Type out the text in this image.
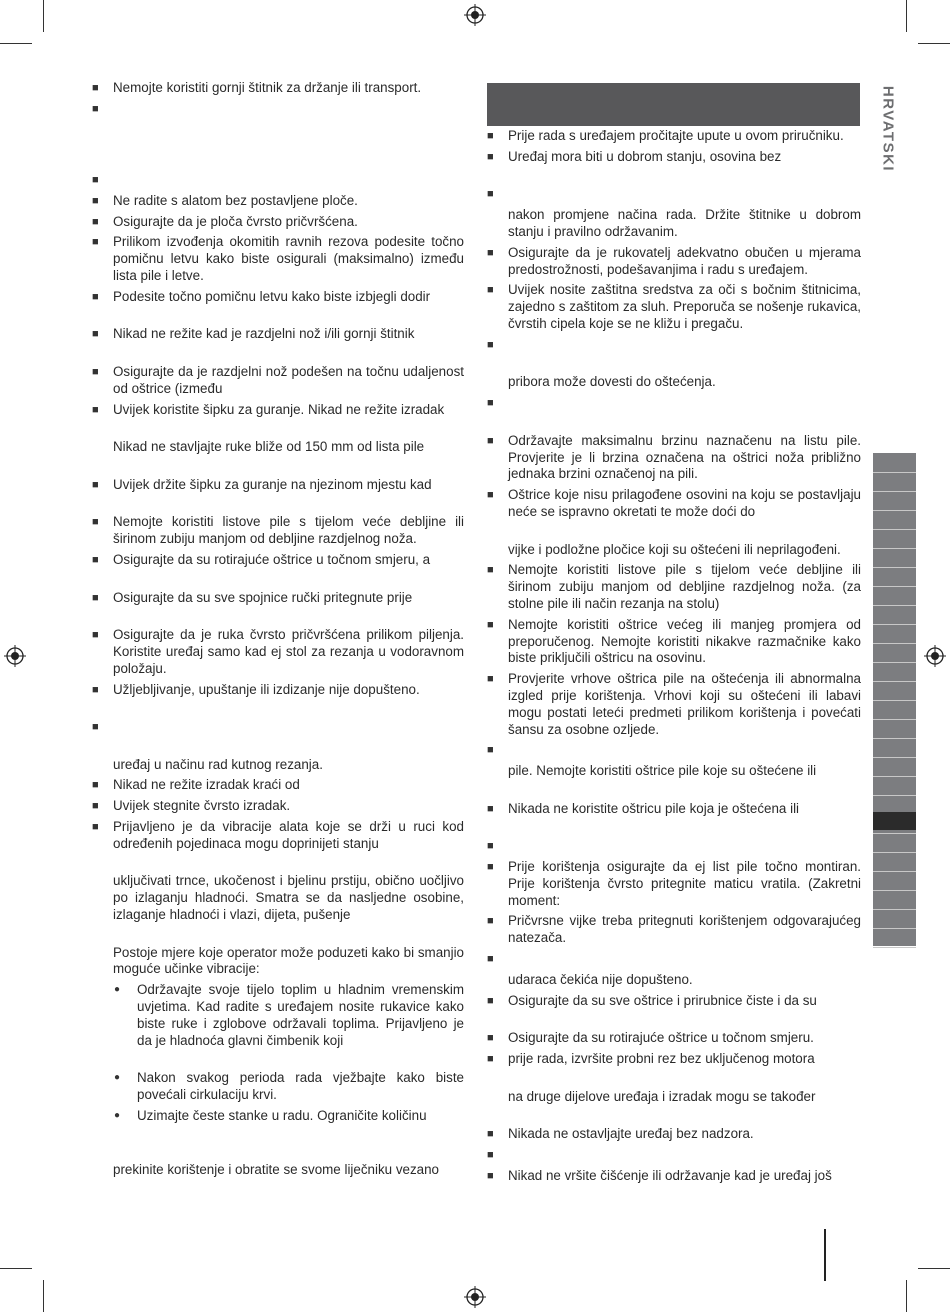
HRVATSKI
■ Nemojte koristiti gornji štitnik za držanje ili transport.
■
■
■ Ne radite s alatom bez postavljene ploče.
■ Osigurajte da je ploča čvrsto pričvršćena.
■ Prilikom izvođenja okomitih ravnih rezova podesite točno pomičnu letvu kako biste osigurali (maksimalno) između lista pile i letve.
■ Podesite točno pomičnu letvu kako biste izbjegli dodir
■ Nikad ne režite kad je razdjelni nož i/ili gornji štitnik
■ Osigurajte da je razdjelni nož podešen na točnu udaljenost od oštrice (između
■ Uvijek koristite šipku za guranje. Nikad ne režite izradak
Nikad ne stavljajte ruke bliže od 150 mm od lista pile
■ Uvijek držite šipku za guranje na njezinom mjestu kad
■ Nemojte koristiti listove pile s tijelom veće debljine ili širinom zubiju manjom od debljine razdjelnog noža.
■ Osigurajte da su rotirajuće oštrice u točnom smjeru, a
■ Osigurajte da su sve spojnice ručki pritegnute prije
■ Osigurajte da je ruka čvrsto pričvršćena prilikom piljenja. Koristite uređaj samo kad ej stol za rezanja u vodoravnom položaju.
■ Užljebljivanje, upuštanje ili izdizanje nije dopušteno.
■
uređaj u načinu rad kutnog rezanja.
■ Nikad ne režite izradak kraći od
■ Uvijek stegnite čvrsto izradak.
■ Prijavljeno je da vibracije alata koje se drži u ruci kod određenih pojedinaca mogu doprinijeti stanju
uključivati trnce, ukočenost i bjelinu prstiju, obično uočljivo po izlaganju hladnoći. Smatra se da nasljedne osobine, izlaganje hladnoći i vlazi, dijeta, pušenje
Postoje mjere koje operator može poduzeti kako bi smanjio moguće učinke vibracije:
● Održavajte svoje tijelo toplim u hladnim vremenskim uvjetima. Kad radite s uređajem nosite rukavice kako biste ruke i zglobove održavali toplima. Prijavljeno je da je hladnoća glavni čimbenik koji
● Nakon svakog perioda rada vježbajte kako biste povećali cirkulaciju krvi.
● Uzimajte česte stanke u radu. Ograničite količinu
prekinite korištenje i obratite se svome liječniku vezano
■ Prije rada s uređajem pročitajte upute u ovom priručniku.
■ Uređaj mora biti u dobrom stanju, osovina bez
■
nakon promjene načina rada. Držite štitnike u dobrom stanju i pravilno održavanim.
■ Osigurajte da je rukovatelj adekvatno obučen u mjerama predostrožnosti, podešavanjima i radu s uređajem.
■ Uvijek nosite zaštitna sredstva za oči s bočnim štitnicima, zajedno s zaštitom za sluh. Preporuča se nošenje rukavica, čvrstih cipela koje se ne kližu i pregaču.
■
pribora može dovesti do oštećenja.
■
■ Održavajte maksimalnu brzinu naznačenu na listu pile. Provjerite je li brzina označena na oštrici noža približno jednaka brzini označenoj na pili.
■ Oštrice koje nisu prilagođene osovini na koju se postavljaju neće se ispravno okretati te može doći do
vijke i podložne pločice koji su oštećeni ili neprilagođeni.
■ Nemojte koristiti listove pile s tijelom veće debljine ili širinom zubiju manjom od debljine razdjelnog noža. (za stolne pile ili način rezanja na stolu)
■ Nemojte koristiti oštrice većeg ili manjeg promjera od preporučenog. Nemojte koristiti nikakve razmačnike kako biste priključili oštricu na osovinu.
■ Provjerite vrhove oštrica pile na oštećenja ili abnormalna izgled prije korištenja. Vrhovi koji su oštećeni ili labavi mogu postati leteći predmeti prilikom korištenja i povećati šansu za osobne ozljede.
■
pile. Nemojte koristiti oštrice pile koje su oštećene ili
■ Nikada ne koristite oštricu pile koja je oštećena ili
■
■ Prije korištenja osigurajte da ej list pile točno montiran. Prije korištenja čvrsto pritegnite maticu vratila. (Zakretni moment:
■ Pričvrsne vijke treba pritegnuti korištenjem odgovarajućeg natezača.
■
udaraca čekića nije dopušteno.
■ Osigurajte da su sve oštrice i prirubnice čiste i da su
■ Osigurajte da su rotirajuće oštrice u točnom smjeru.
■ prije rada, izvršite probni rez bez uključenog motora
na druge dijelove uređaja i izradak mogu se također
■ Nikada ne ostavljajte uređaj bez nadzora.
■
■ Nikad ne vršite čišćenje ili održavanje kad je uređaj još
